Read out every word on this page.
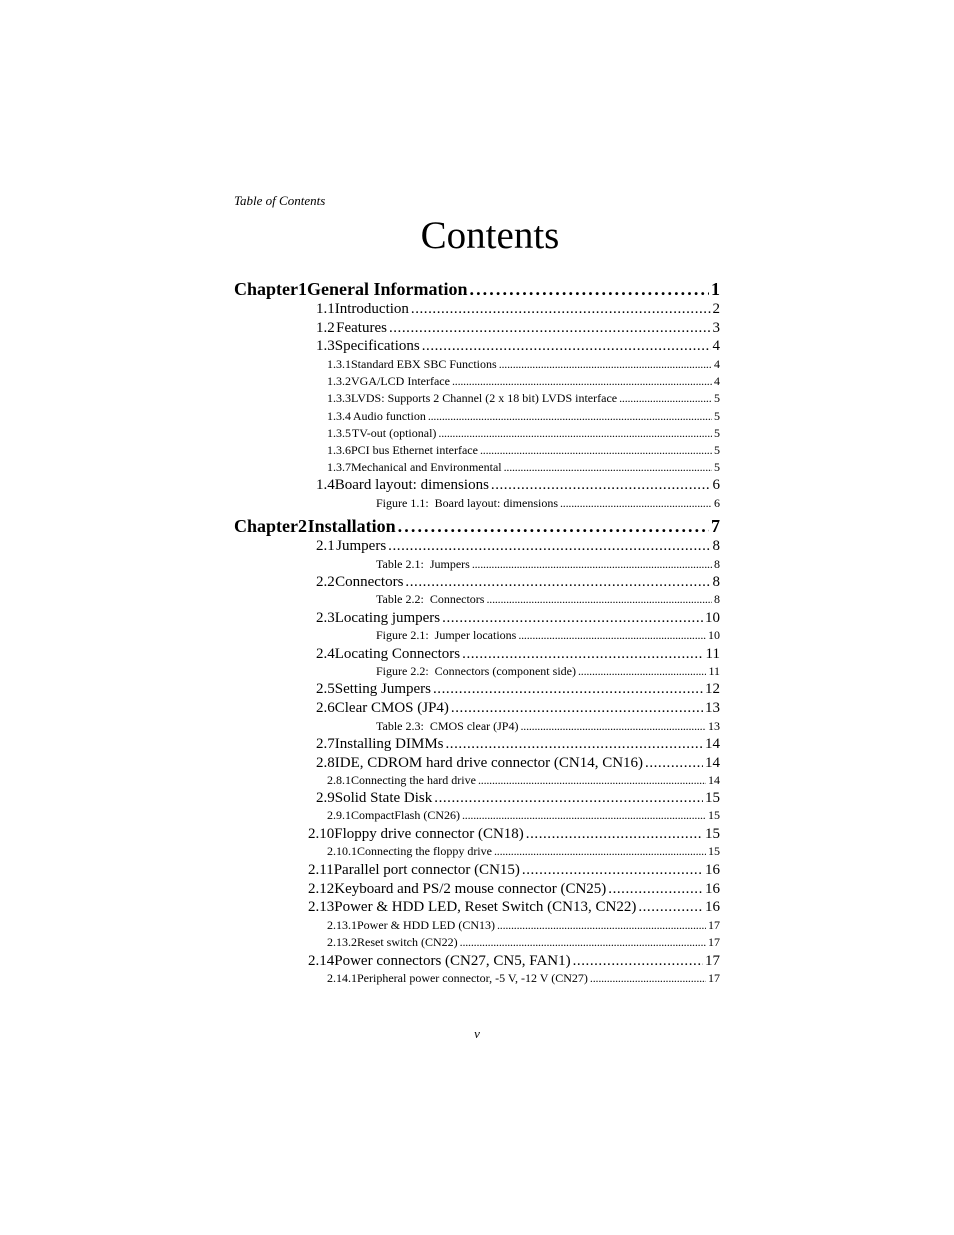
Table of Contents
Contents
Chapter 1 General Information . . .	1
1.1 Introduction . . .	2
1.2 Features . . .	3
1.3 Specifications . . .	4
1.3.1 Standard EBX SBC Functions . . .	4
1.3.2 VGA/LCD Interface . . .	4
1.3.3 LVDS: Supports 2 Channel (2 x 18 bit) LVDS interface . . .	5
1.3.4 Audio function . . .	5
1.3.5 TV-out (optional) . . .	5
1.3.6 PCI bus Ethernet interface . . .	5
1.3.7 Mechanical and Environmental . . .	5
1.4 Board layout: dimensions . . .	6
Figure 1.1: Board layout: dimensions . . .	6
Chapter 2 Installation . . .	7
2.1 Jumpers . . .	8
Table 2.1: Jumpers . . .	8
2.2 Connectors . . .	8
Table 2.2: Connectors . . .	8
2.3 Locating jumpers . . .	10
Figure 2.1: Jumper locations . . .	10
2.4 Locating Connectors . . .	11
Figure 2.2: Connectors (component side) . . .	11
2.5 Setting Jumpers . . .	12
2.6 Clear CMOS (JP4) . . .	13
Table 2.3: CMOS clear (JP4) . . .	13
2.7 Installing DIMMs . . .	14
2.8 IDE, CDROM hard drive connector (CN14, CN16) . . .	14
2.8.1 Connecting the hard drive . . .	14
2.9 Solid State Disk . . .	15
2.9.1 CompactFlash (CN26) . . .	15
2.10 Floppy drive connector (CN18) . . .	15
2.10.1 Connecting the floppy drive . . .	15
2.11 Parallel port connector (CN15) . . .	16
2.12 Keyboard and PS/2 mouse connector (CN25) . . .	16
2.13 Power & HDD LED, Reset Switch (CN13, CN22) . . .	16
2.13.1 Power & HDD LED (CN13) . . .	17
2.13.2 Reset switch (CN22) . . .	17
2.14 Power connectors (CN27, CN5, FAN1) . . .	17
2.14.1 Peripheral power connector, -5 V, -12 V (CN27) . . .	17
v
